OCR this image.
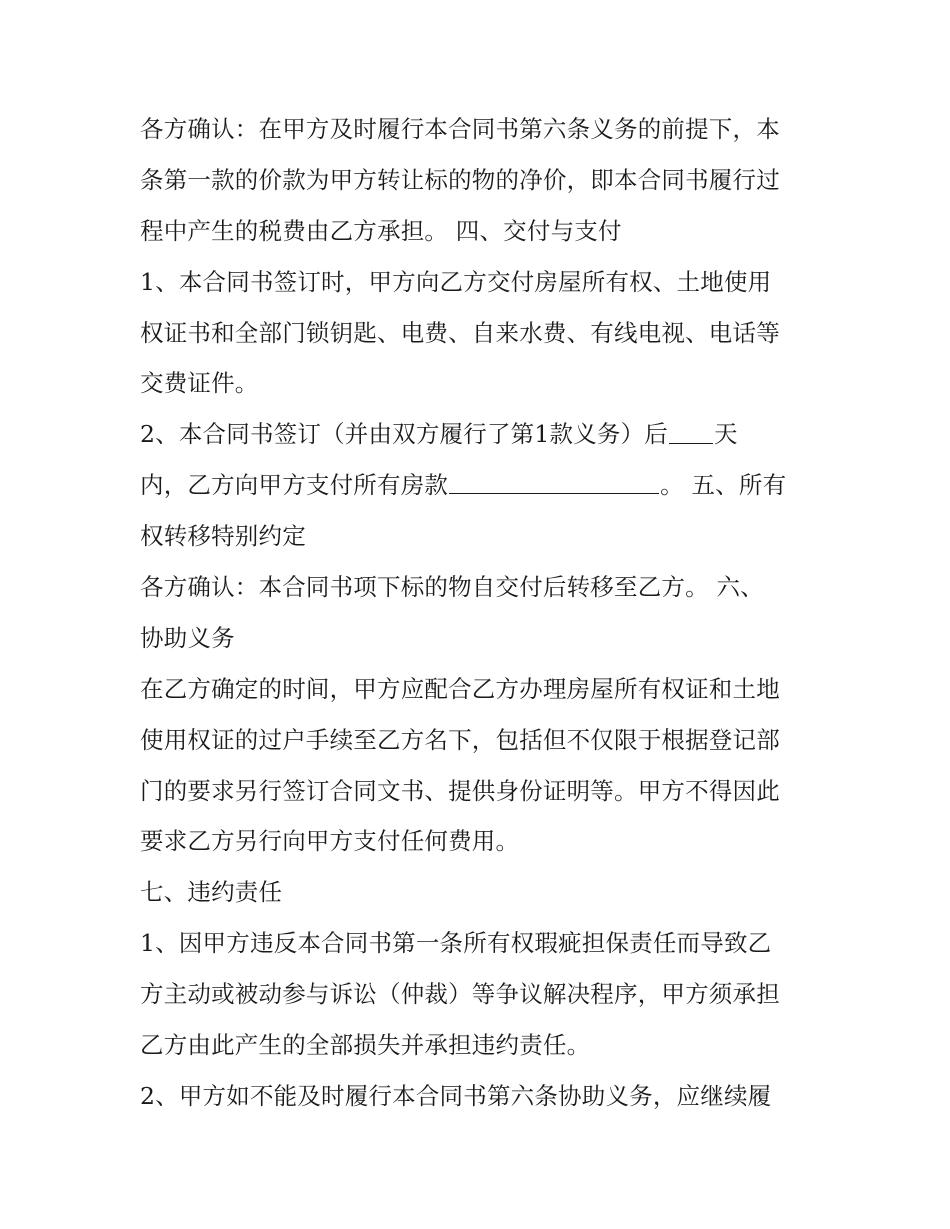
各方确认：在甲方及时履行本合同书第六条义务的前提下，本
条第一款的价款为甲方转让标的物的净价，即本合同书履行过
程中产生的税费由乙方承担。 四、交付与支付
1、本合同书签订时，甲方向乙方交付房屋所有权、土地使用
权证书和全部门锁钥匙、电费、自来水费、有线电视、电话等
交费证件。
2、本合同书签订（并由双方履行了第1款义务）后 天
内，乙方向甲方支付所有房款	。 五、所有
权转移特别约定
各方确认：本合同书项下标的物自交付后转移至乙方。 六、
协助义务
在乙方确定的时间，甲方应配合乙方办理房屋所有权证和土地
使用权证的过户手续至乙方名下，包括但不仅限于根据登记部
门的要求另行签订合同文书、提供身份证明等。甲方不得因此
要求乙方另行向甲方支付任何费用。
七、违约责任
1、因甲方违反本合同书第一条所有权瑕疵担保责任而导致乙
方主动或被动参与诉讼（仲裁）等争议解决程序，甲方须承担
乙方由此产生的全部损失并承担违约责任。
2、甲方如不能及时履行本合同书第六条协助义务，应继续履
